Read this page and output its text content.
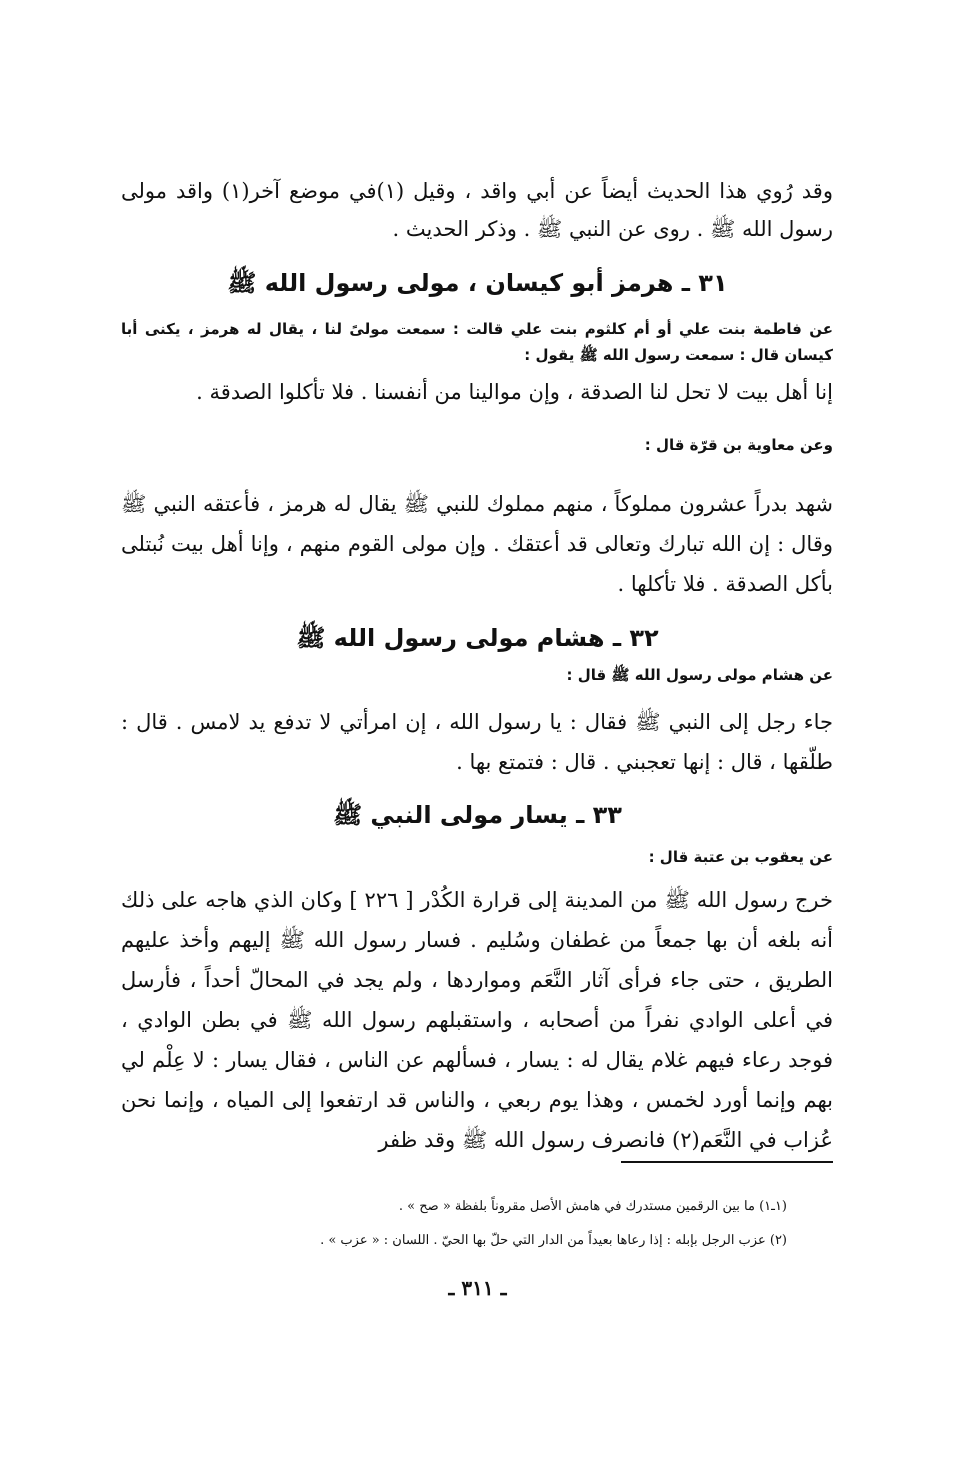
وقد رُوي هذا الحديث أيضاً عن أبي واقد ، وقيل (١)في موضع آخر(١) واقد مولى رسول الله ﷺ . روى عن النبي ﷺ . وذكر الحديث .
٣١ ـ هرمز أبو كيسان ، مولى رسول الله ﷺ
عن فاطمة بنت علي أو أم كلثوم بنت علي قالت : سمعت مولىً لنا ، يقال له هرمز ، يكنى أبا كيسان قال : سمعت رسول الله ﷺ يقول :
إنا أهل بيت لا تحل لنا الصدقة ، وإن موالينا من أنفسنا . فلا تأكلوا الصدقة .
وعن معاوية بن قرّة قال :
شهد بدراً عشرون مملوكاً ، منهم مملوك للنبي ﷺ يقال له هرمز ، فأعتقه النبي ﷺ وقال : إن الله تبارك وتعالى قد أعتقك . وإن مولى القوم منهم ، وإنا أهل بيت نُبتلى بأكل الصدقة . فلا تأكلها .
٣٢ ـ هشام مولى رسول الله ﷺ
عن هشام مولى رسول الله ﷺ قال :
جاء رجل إلى النبي ﷺ فقال : يا رسول الله ، إن امرأتي لا تدفع يد لامس . قال : طلّقها ، قال : إنها تعجبني . قال : فتمتع بها .
٣٣ ـ يسار مولى النبي ﷺ
عن يعقوب بن عتبة قال :
خرج رسول الله ﷺ من المدينة إلى قرارة الكُدْر [ ٢٢٦ ] وكان الذي هاجه على ذلك أنه بلغه أن بها جمعاً من غطفان وسُليم . فسار رسول الله ﷺ إليهم وأخذ عليهم الطريق ، حتى جاء فرأى آثار النَّعَم ومواردها ، ولم يجد في المحالّ أحداً ، فأرسل في أعلى الوادي نفراً من أصحابه ، واستقبلهم رسول الله ﷺ في بطن الوادي ، فوجد رعاء فيهم غلام يقال له : يسار ، فسألهم عن الناس ، فقال يسار : لا عِلْم لي بهم وإنما أورد لخمس ، وهذا يوم ربعي ، والناس قد ارتفعوا إلى المياه ، وإنما نحن عُزاب في النَّعَم(٢) فانصرف رسول الله ﷺ وقد ظفر
(١ـ١) ما بين الرقمين مستدرك في هامش الأصل مقروناً بلفظة « صح » .
(٢) عزب الرجل بإبله : إذا رعاها بعيداً من الدار التي حلّ بها الحيّ . اللسان : « عزب » .
ـ ٣١١ ـ
